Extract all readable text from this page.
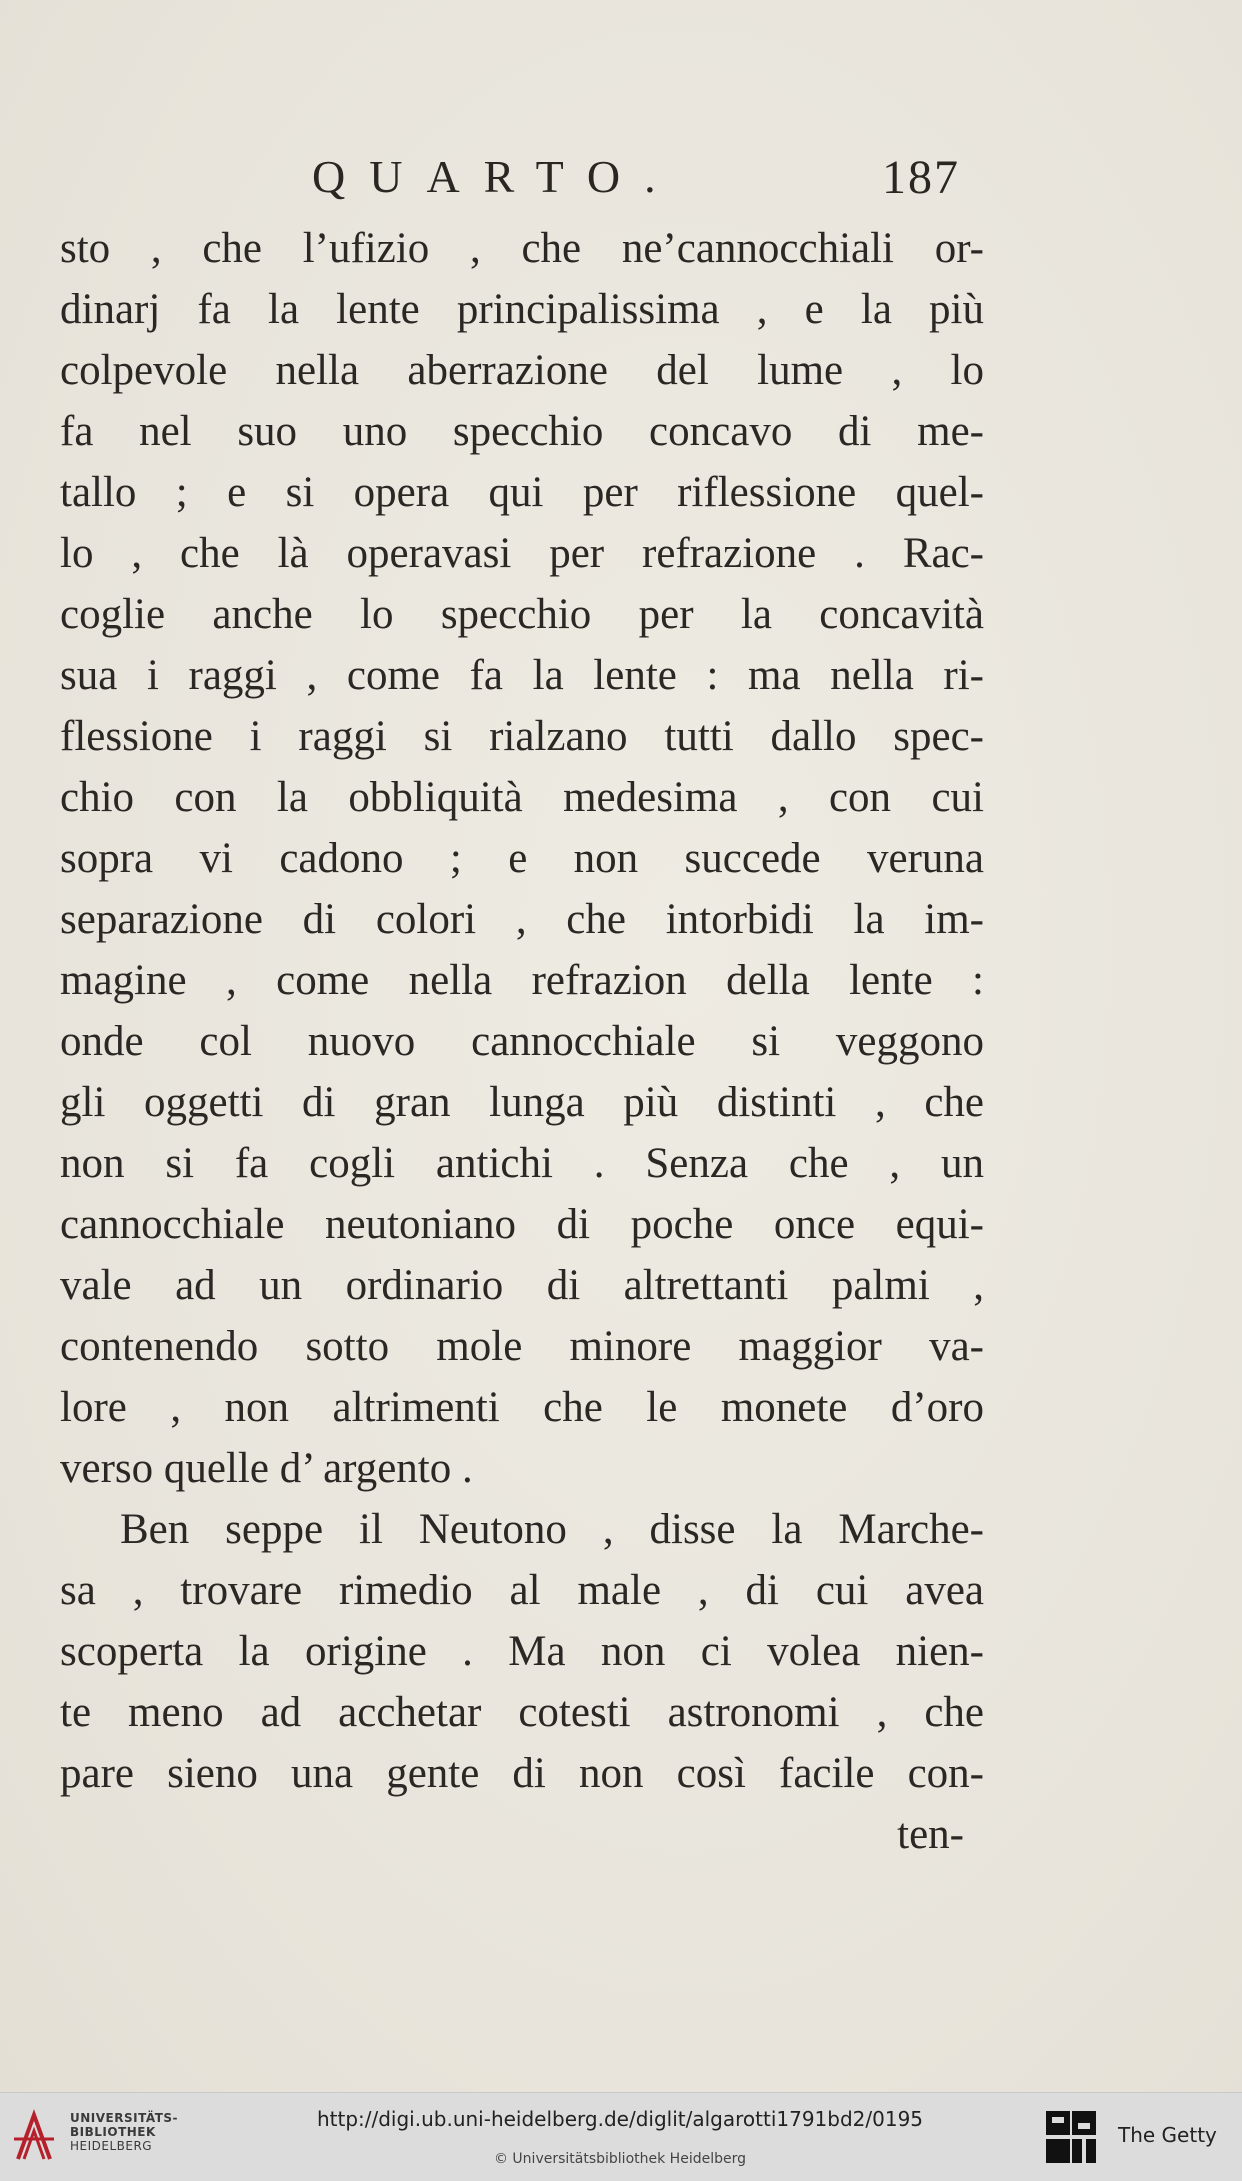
QUARTO.	187
sto , che l’ufizio , che ne’cannocchiali or-
dinarj fa la lente principalissima , e la più
colpevole nella aberrazione del lume , lo
fa nel suo uno specchio concavo di me-
tallo ; e si opera qui per riflessione quel-
lo , che là operavasi per refrazione . Rac-
coglie anche lo specchio per la concavità
sua i raggi , come fa la lente : ma nella ri-
flessione i raggi si rialzano tutti dallo spec-
chio con la obbliquità medesima , con cui
sopra vi cadono ; e non succede veruna
separazione di colori , che intorbidi la im-
magine , come nella refrazion della lente :
onde col nuovo cannocchiale si veggono
gli oggetti di gran lunga più distinti , che
non si fa cogli antichi . Senza che , un
cannocchiale neutoniano di poche once equi-
vale ad un ordinario di altrettanti palmi ,
contenendo sotto mole minore maggior va-
lore , non altrimenti che le monete d’oro
verso quelle d’ argento .
Ben seppe il Neutono , disse la Marche-
sa , trovare rimedio al male , di cui avea
scoperta la origine . Ma non ci volea nien-
te meno ad acchetar cotesti astronomi , che
pare sieno una gente di non così facile con-
ten-
UNIVERSITÄTS-
BIBLIOTHEK
HEIDELBERG
http://digi.ub.uni-heidelberg.de/diglit/algarotti1791bd2/0195
© Universitätsbibliothek Heidelberg
The Getty
